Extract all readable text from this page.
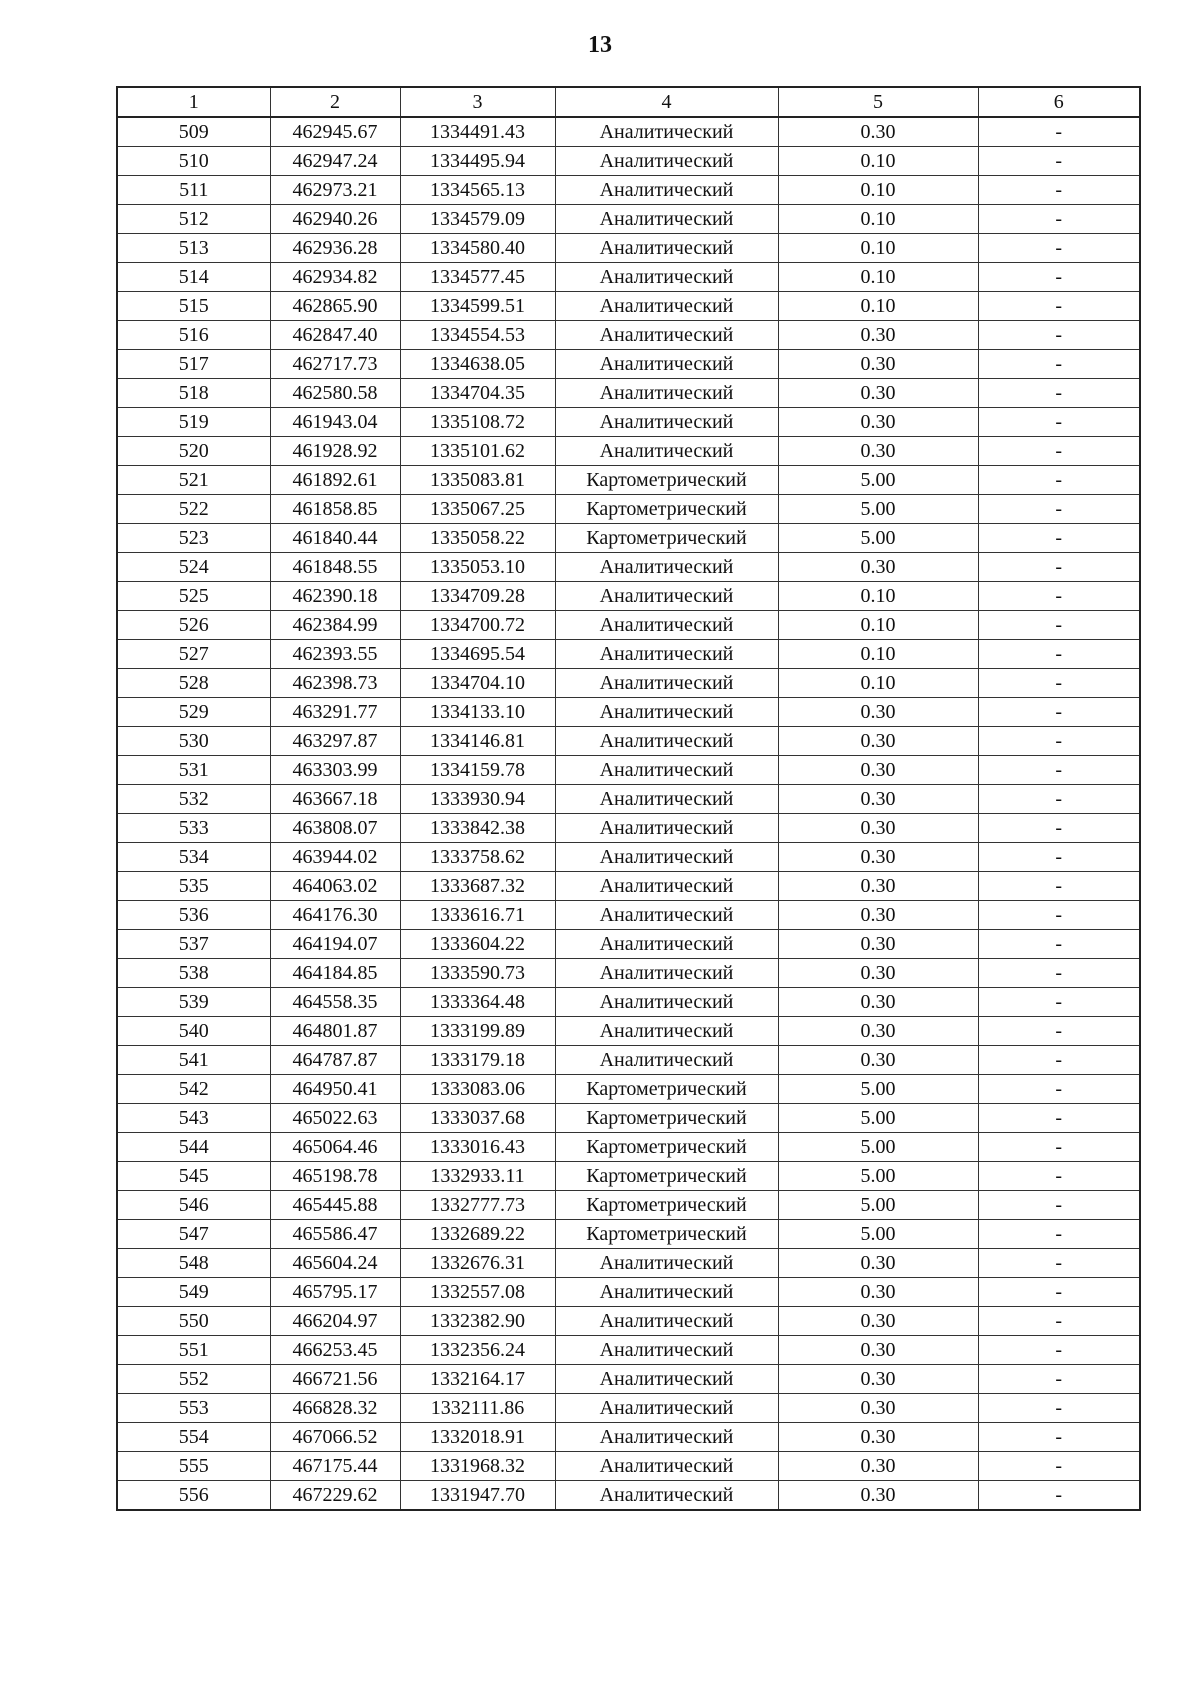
13
1	2	3	4	5	6
509	462945.67	1334491.43	Аналитический	0.30	-
510	462947.24	1334495.94	Аналитический	0.10	-
511	462973.21	1334565.13	Аналитический	0.10	-
512	462940.26	1334579.09	Аналитический	0.10	-
513	462936.28	1334580.40	Аналитический	0.10	-
514	462934.82	1334577.45	Аналитический	0.10	-
515	462865.90	1334599.51	Аналитический	0.10	-
516	462847.40	1334554.53	Аналитический	0.30	-
517	462717.73	1334638.05	Аналитический	0.30	-
518	462580.58	1334704.35	Аналитический	0.30	-
519	461943.04	1335108.72	Аналитический	0.30	-
520	461928.92	1335101.62	Аналитический	0.30	-
521	461892.61	1335083.81	Картометрический	5.00	-
522	461858.85	1335067.25	Картометрический	5.00	-
523	461840.44	1335058.22	Картометрический	5.00	-
524	461848.55	1335053.10	Аналитический	0.30	-
525	462390.18	1334709.28	Аналитический	0.10	-
526	462384.99	1334700.72	Аналитический	0.10	-
527	462393.55	1334695.54	Аналитический	0.10	-
528	462398.73	1334704.10	Аналитический	0.10	-
529	463291.77	1334133.10	Аналитический	0.30	-
530	463297.87	1334146.81	Аналитический	0.30	-
531	463303.99	1334159.78	Аналитический	0.30	-
532	463667.18	1333930.94	Аналитический	0.30	-
533	463808.07	1333842.38	Аналитический	0.30	-
534	463944.02	1333758.62	Аналитический	0.30	-
535	464063.02	1333687.32	Аналитический	0.30	-
536	464176.30	1333616.71	Аналитический	0.30	-
537	464194.07	1333604.22	Аналитический	0.30	-
538	464184.85	1333590.73	Аналитический	0.30	-
539	464558.35	1333364.48	Аналитический	0.30	-
540	464801.87	1333199.89	Аналитический	0.30	-
541	464787.87	1333179.18	Аналитический	0.30	-
542	464950.41	1333083.06	Картометрический	5.00	-
543	465022.63	1333037.68	Картометрический	5.00	-
544	465064.46	1333016.43	Картометрический	5.00	-
545	465198.78	1332933.11	Картометрический	5.00	-
546	465445.88	1332777.73	Картометрический	5.00	-
547	465586.47	1332689.22	Картометрический	5.00	-
548	465604.24	1332676.31	Аналитический	0.30	-
549	465795.17	1332557.08	Аналитический	0.30	-
550	466204.97	1332382.90	Аналитический	0.30	-
551	466253.45	1332356.24	Аналитический	0.30	-
552	466721.56	1332164.17	Аналитический	0.30	-
553	466828.32	1332111.86	Аналитический	0.30	-
554	467066.52	1332018.91	Аналитический	0.30	-
555	467175.44	1331968.32	Аналитический	0.30	-
556	467229.62	1331947.70	Аналитический	0.30	-
